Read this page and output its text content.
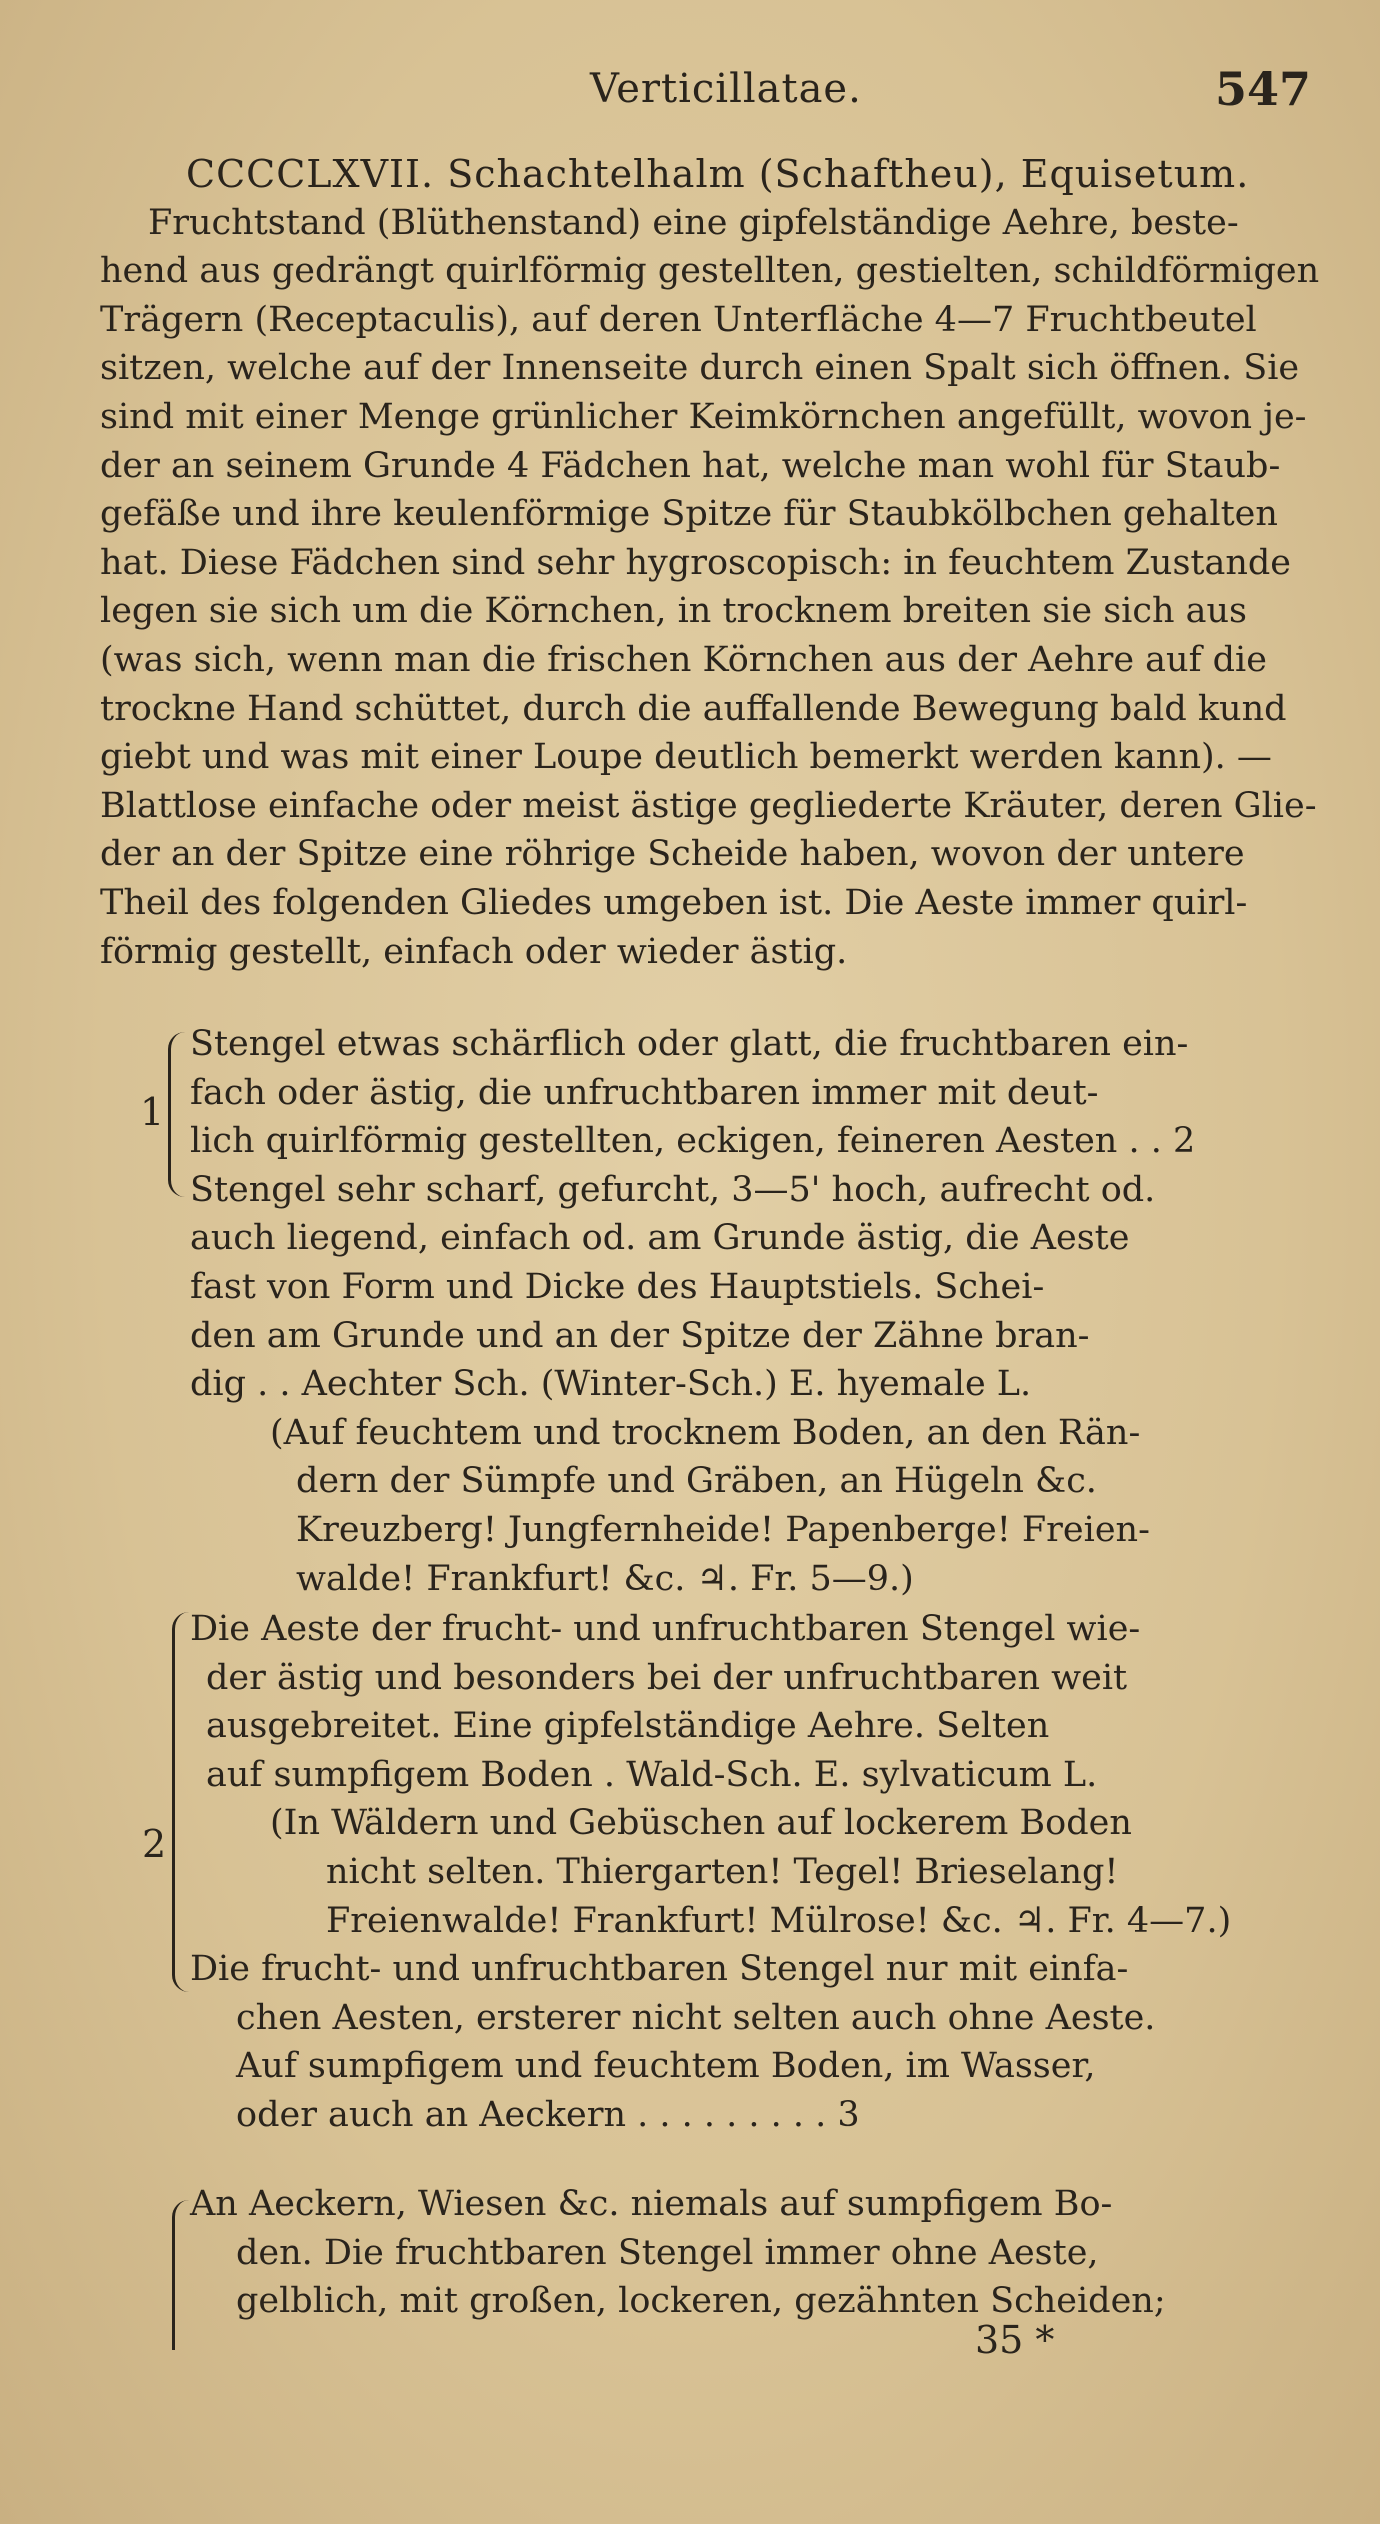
Verticillatae.	547
CCCCLXVII. Schachtelhalm (Schaftheu), Equisetum.
Fruchtstand (Blüthenstand) eine gipfelständige Aehre, beste-
hend aus gedrängt quirlförmig gestellten, gestielten, schildförmigen
Trägern (Receptaculis), auf deren Unterfläche 4—7 Fruchtbeutel
sitzen, welche auf der Innenseite durch einen Spalt sich öffnen. Sie
sind mit einer Menge grünlicher Keimkörnchen angefüllt, wovon je-
der an seinem Grunde 4 Fädchen hat, welche man wohl für Staub-
gefäße und ihre keulenförmige Spitze für Staubkölbchen gehalten
hat. Diese Fädchen sind sehr hygroscopisch: in feuchtem Zustande
legen sie sich um die Körnchen, in trocknem breiten sie sich aus
(was sich, wenn man die frischen Körnchen aus der Aehre auf die
trockne Hand schüttet, durch die auffallende Bewegung bald kund
giebt und was mit einer Loupe deutlich bemerkt werden kann). —
Blattlose einfache oder meist ästige gegliederte Kräuter, deren Glie-
der an der Spitze eine röhrige Scheide haben, wovon der untere
Theil des folgenden Gliedes umgeben ist. Die Aeste immer quirl-
förmig gestellt, einfach oder wieder ästig.
1
Stengel etwas schärflich oder glatt, die fruchtbaren ein-
fach oder ästig, die unfruchtbaren immer mit deut-
lich quirlförmig gestellten, eckigen, feineren Aesten . . 2
Stengel sehr scharf, gefurcht, 3—5' hoch, aufrecht od.
auch liegend, einfach od. am Grunde ästig, die Aeste
fast von Form und Dicke des Hauptstiels. Schei-
den am Grunde und an der Spitze der Zähne bran-
dig . . Aechter Sch. (Winter-Sch.) E. hyemale L.
(Auf feuchtem und trocknem Boden, an den Rän-
dern der Sümpfe und Gräben, an Hügeln &c.
Kreuzberg! Jungfernheide! Papenberge! Freien-
walde! Frankfurt! &c. ♃. Fr. 5—9.)
2
Die Aeste der frucht- und unfruchtbaren Stengel wie-
der ästig und besonders bei der unfruchtbaren weit
ausgebreitet. Eine gipfelständige Aehre. Selten
auf sumpfigem Boden . Wald-Sch. E. sylvaticum L.
(In Wäldern und Gebüschen auf lockerem Boden
nicht selten. Thiergarten! Tegel! Brieselang!
Freienwalde! Frankfurt! Mülrose! &c. ♃. Fr. 4—7.)
Die frucht- und unfruchtbaren Stengel nur mit einfa-
chen Aesten, ersterer nicht selten auch ohne Aeste.
Auf sumpfigem und feuchtem Boden, im Wasser,
oder auch an Aeckern . . . . . . . . . 3
An Aeckern, Wiesen &c. niemals auf sumpfigem Bo-
den. Die fruchtbaren Stengel immer ohne Aeste,
gelblich, mit großen, lockeren, gezähnten Scheiden;
35 *
